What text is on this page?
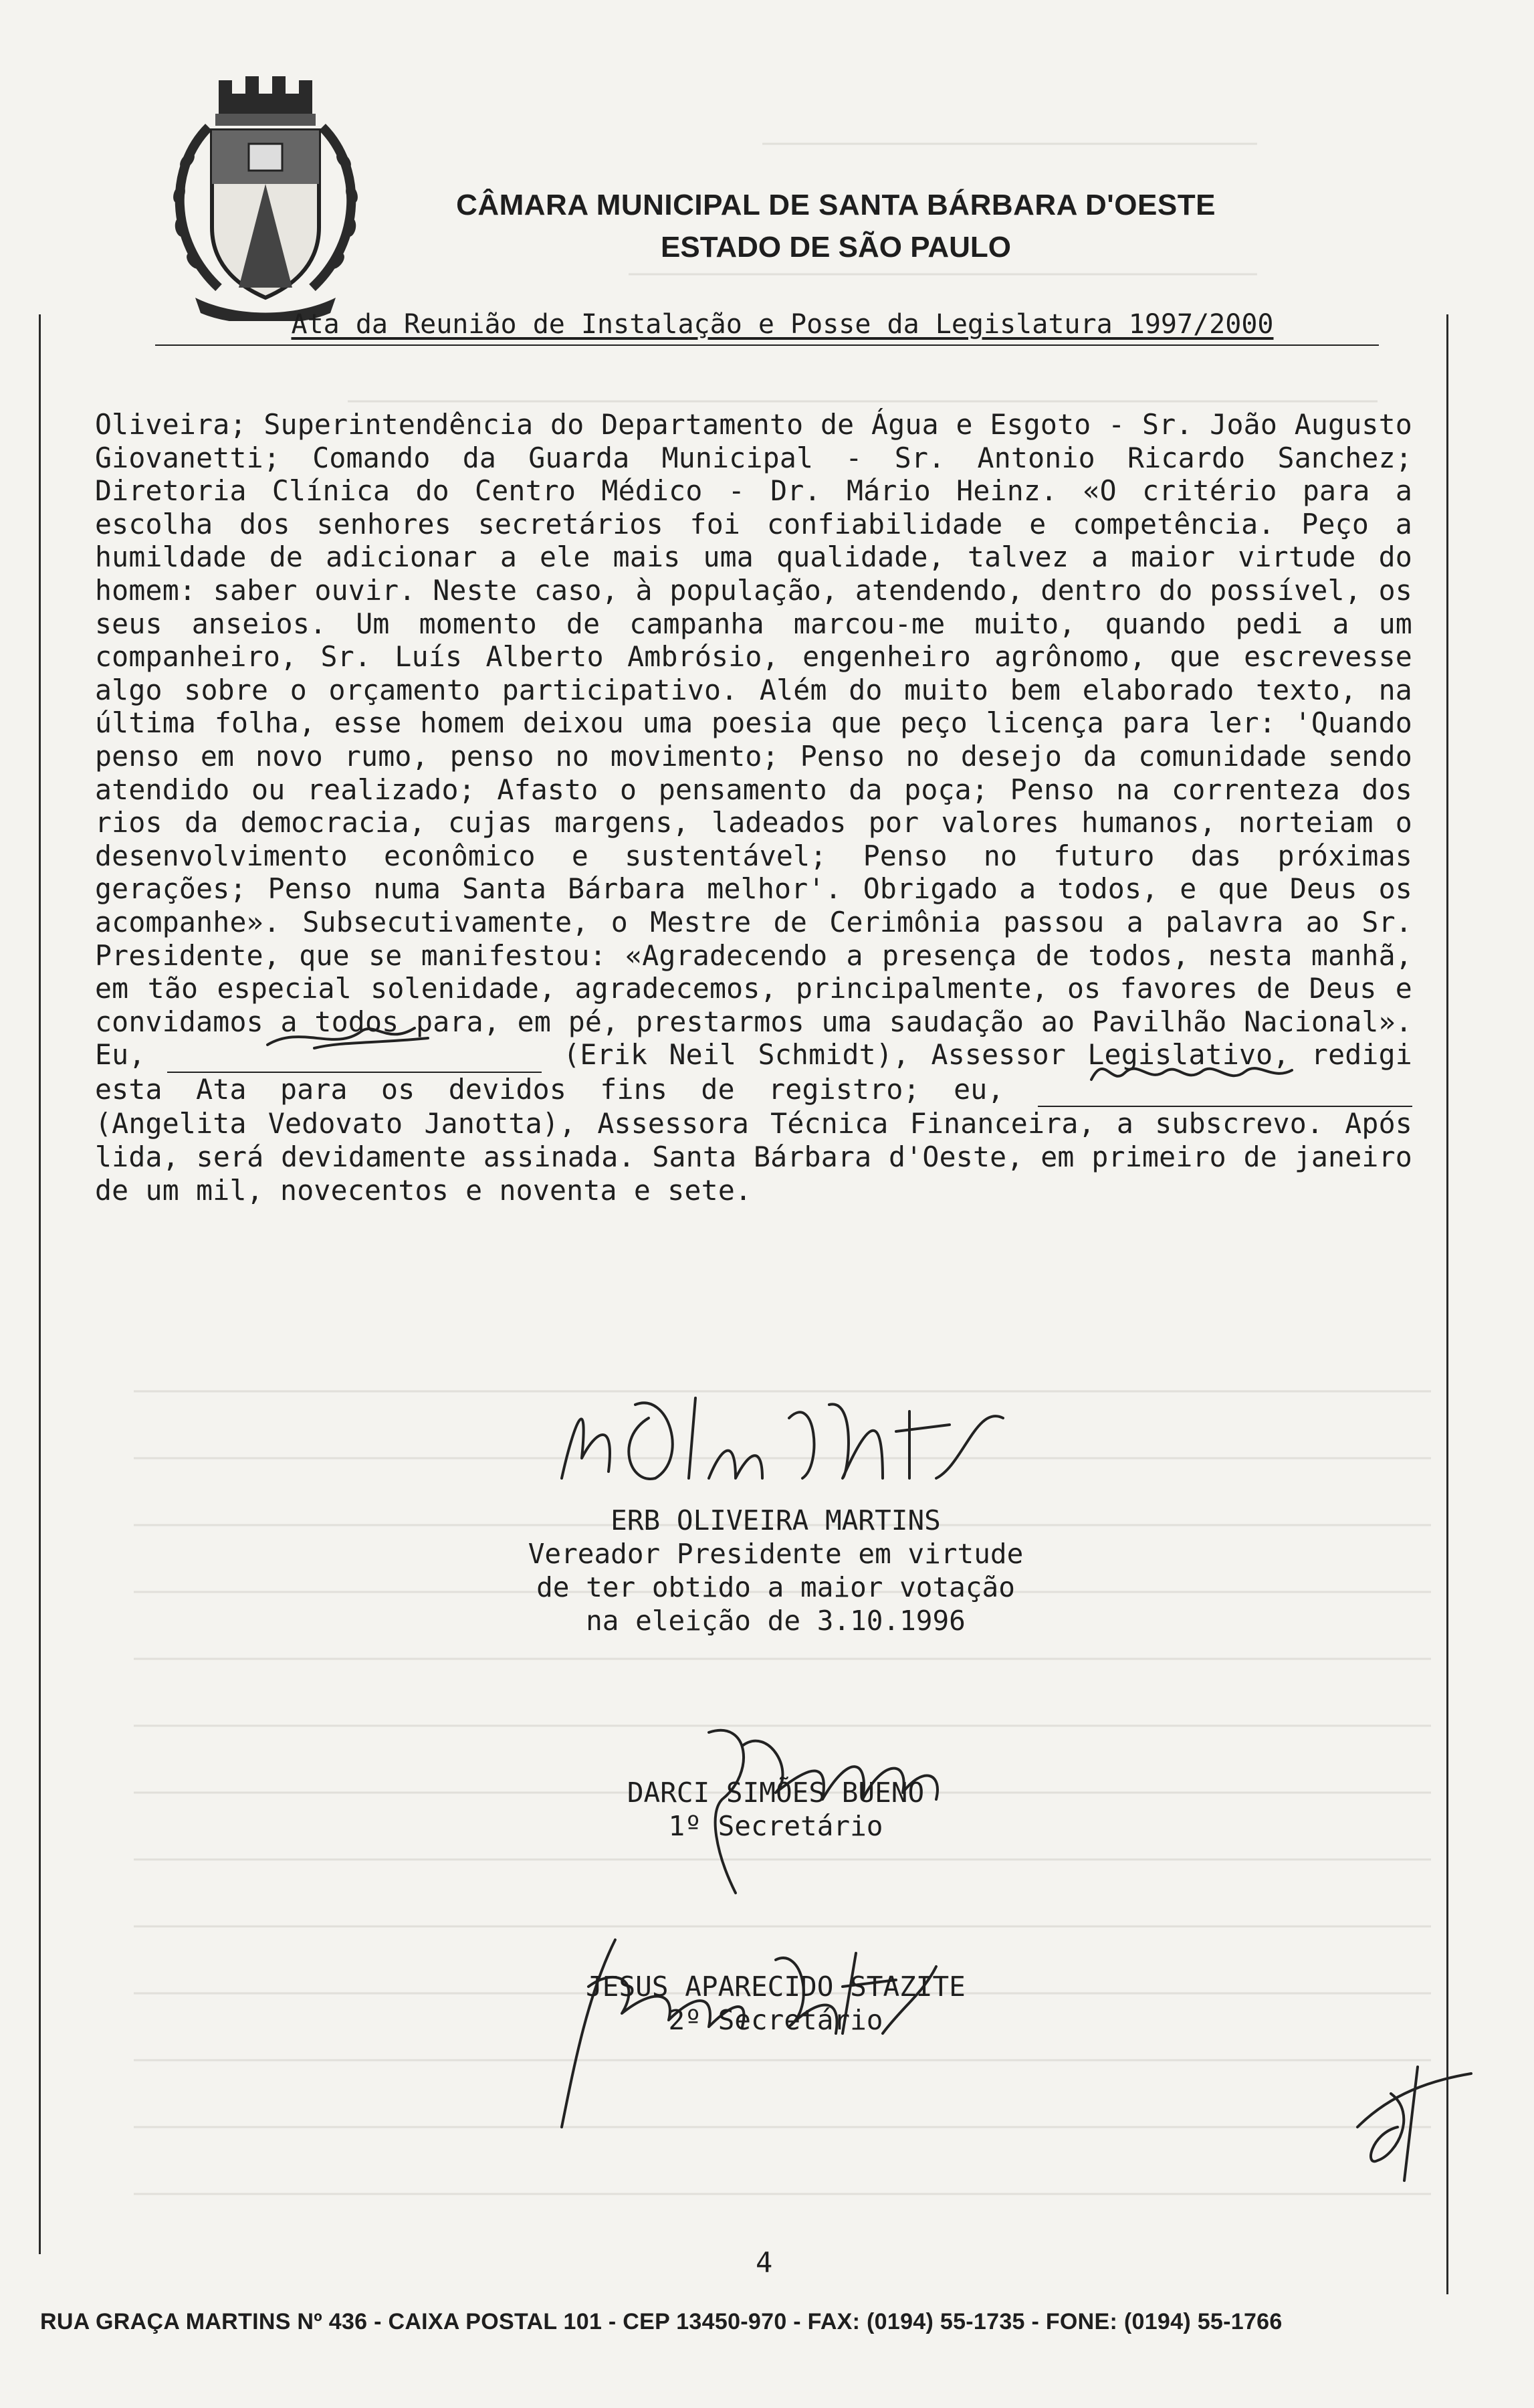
CÂMARA MUNICIPAL DE SANTA BÁRBARA D'OESTE
ESTADO DE SÃO PAULO
Ata da Reunião de Instalação e Posse da Legislatura 1997/2000
Oliveira; Superintendência do Departamento de Água e Esgoto - Sr. João Augusto Giovanetti; Comando da Guarda Municipal - Sr. Antonio Ricardo Sanchez; Diretoria Clínica do Centro Médico - Dr. Mário Heinz. «O critério para a escolha dos senhores secretários foi confiabilidade e competência. Peço a humildade de adicionar a ele mais uma qualidade, talvez a maior virtude do homem: saber ouvir. Neste caso, à população, atendendo, dentro do possível, os seus anseios. Um momento de campanha marcou-me muito, quando pedi a um companheiro, Sr. Luís Alberto Ambrósio, engenheiro agrônomo, que escrevesse algo sobre o orçamento participativo. Além do muito bem elaborado texto, na última folha, esse homem deixou uma poesia que peço licença para ler: 'Quando penso em novo rumo, penso no movimento; Penso no desejo da comunidade sendo atendido ou realizado; Afasto o pensamento da poça; Penso na correnteza dos rios da democracia, cujas margens, ladeados por valores humanos, norteiam o desenvolvimento econômico e sustentável; Penso no futuro das próximas gerações; Penso numa Santa Bárbara melhor'. Obrigado a todos, e que Deus os acompanhe». Subsecutivamente, o Mestre de Cerimônia passou a palavra ao Sr. Presidente, que se manifestou: «Agradecendo a presença de todos, nesta manhã, em tão especial solenidade, agradecemos, principalmente, os favores de Deus e convidamos a todos para, em pé, prestarmos uma saudação ao Pavilhão Nacional». Eu,	(Erik Neil Schmidt), Assessor Legislativo, redigi esta Ata para os devidos fins de registro; eu,
(Angelita Vedovato Janotta), Assessora Técnica Financeira, a subscrevo. Após lida, será devidamente assinada. Santa Bárbara d'Oeste, em primeiro de janeiro de um mil, novecentos e noventa e sete.
ERB OLIVEIRA MARTINS
Vereador Presidente em virtude
de ter obtido a maior votação
na eleição de 3.10.1996
DARCI SIMÕES BUENO
1º Secretário
JESUS APARECIDO STAZITE
2º Secretário
4
RUA GRAÇA MARTINS Nº 436 - CAIXA POSTAL 101 - CEP 13450-970 - FAX: (0194) 55-1735 - FONE: (0194) 55-1766
